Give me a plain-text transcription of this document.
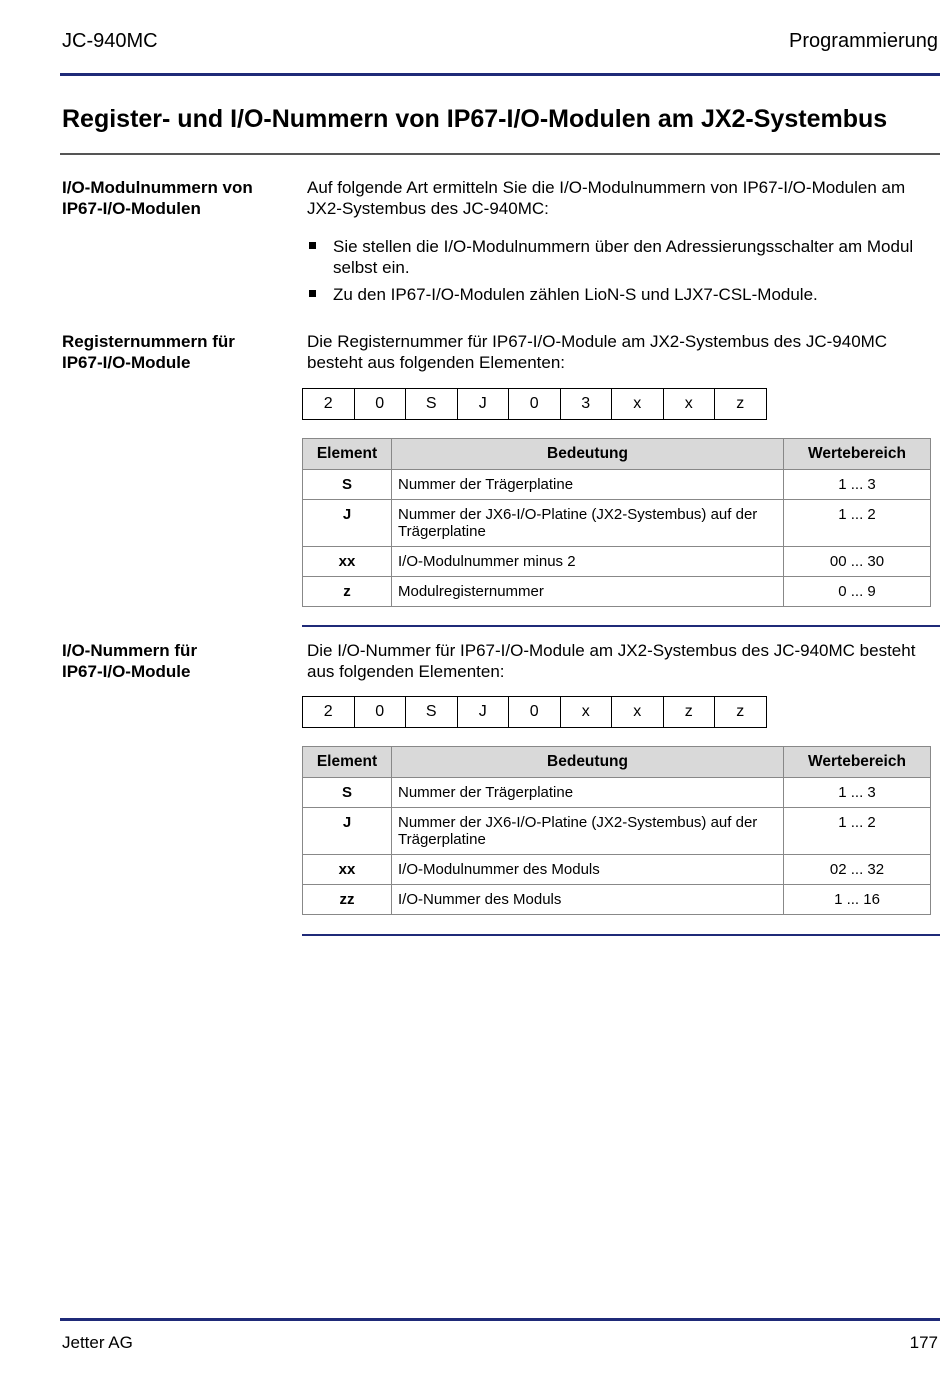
JC-940MC	Programmierung
Register- und I/O-Nummern von IP67-I/O-Modulen am JX2-Systembus
I/O-Modulnummern von
IP67-I/O-Modulen

Auf folgende Art ermitteln Sie die I/O-Modulnummern von IP67-I/O-Modulen am JX2-Systembus des JC-940MC:

Sie stellen die I/O-Modulnummern über den Adressierungsschalter am Modul selbst ein.
Zu den IP67-I/O-Modulen zählen LioN-S und LJX7-CSL-Module.
Registernummern für
IP67-I/O-Module

Die Registernummer für IP67-I/O-Module am JX2-Systembus des JC-940MC besteht aus folgenden Elementen:

2	0	S	J	0	3	x	x	z
Element	Bedeutung	Wertebereich
S	Nummer der Trägerplatine	1 ... 3
J	Nummer der JX6-I/O-Platine (JX2-Systembus) auf der Trägerplatine	1 ... 2
xx	I/O-Modulnummer minus 2	00 ... 30
z	Modulregisternummer	0 ... 9
I/O-Nummern für
IP67-I/O-Module

Die I/O-Nummer für IP67-I/O-Module am JX2-Systembus des JC-940MC besteht aus folgenden Elementen:

2	0	S	J	0	x	x	z	z
Element	Bedeutung	Wertebereich
S	Nummer der Trägerplatine	1 ... 3
J	Nummer der JX6-I/O-Platine (JX2-Systembus) auf der Trägerplatine	1 ... 2
xx	I/O-Modulnummer des Moduls	02 ... 32
zz	I/O-Nummer des Moduls	1 ... 16
Jetter AG	177
